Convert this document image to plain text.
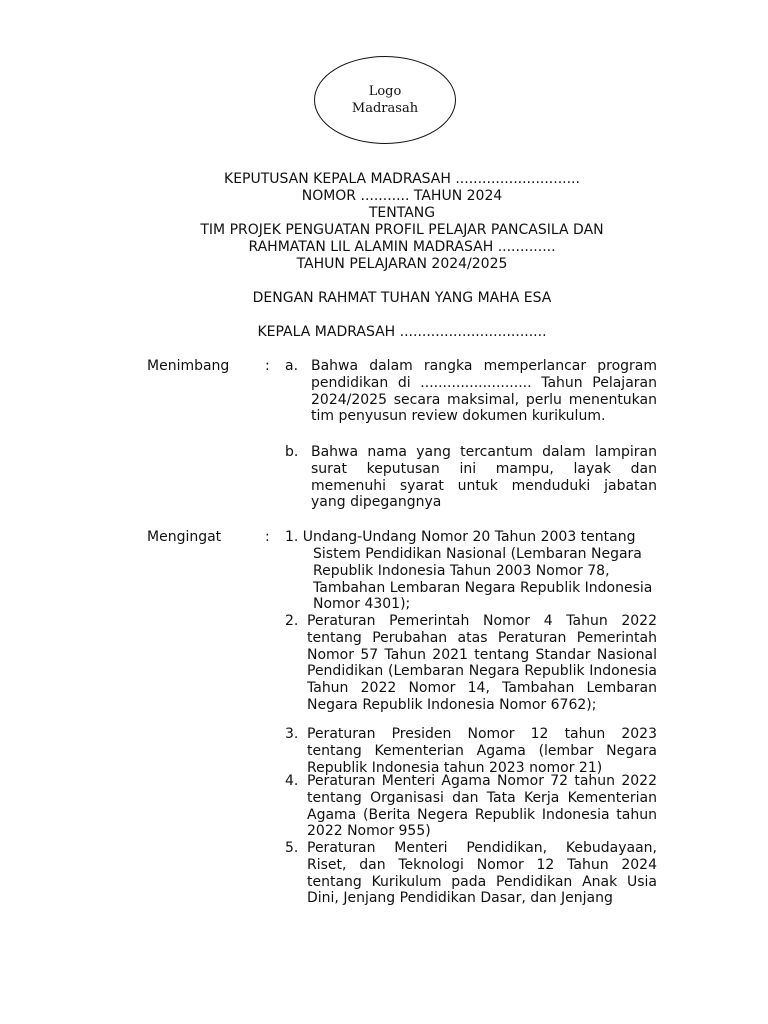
Logo
Madrasah
KEPUTUSAN KEPALA MADRASAH ............................
NOMOR ........... TAHUN 2024
TENTANG
TIM PROJEK PENGUATAN PROFIL PELAJAR PANCASILA DAN
RAHMATAN LIL ALAMIN MADRASAH .............
TAHUN PELAJARAN 2024/2025
DENGAN RAHMAT TUHAN YANG MAHA ESA
KEPALA MADRASAH .................................
Menimbang	: a. Bahwa dalam rangka memperlancar program pendidikan di ......................... Tahun Pelajaran 2024/2025 secara maksimal, perlu menentukan tim penyusun review dokumen kurikulum.
b. Bahwa nama yang tercantum dalam lampiran surat keputusan ini mampu, layak dan memenuhi syarat untuk menduduki jabatan yang dipegangnya
Mengingat	: 1. Undang-Undang Nomor 20 Tahun 2003 tentang
Sistem Pendidikan Nasional (Lembaran Negara Republik Indonesia Tahun 2003 Nomor 78, Tambahan Lembaran Negara Republik Indonesia Nomor 4301);
2. Peraturan Pemerintah Nomor 4 Tahun 2022 tentang Perubahan atas Peraturan Pemerintah Nomor 57 Tahun 2021 tentang Standar Nasional Pendidikan (Lembaran Negara Republik Indonesia Tahun 2022 Nomor 14, Tambahan Lembaran Negara Republik Indonesia Nomor 6762);
3. Peraturan Presiden Nomor 12 tahun 2023 tentang Kementerian Agama (lembar Negara Republik Indonesia tahun 2023 nomor 21)
4. Peraturan Menteri Agama Nomor 72 tahun 2022 tentang Organisasi dan Tata Kerja Kementerian Agama (Berita Negera Republik Indonesia tahun 2022 Nomor 955)
5. Peraturan Menteri Pendidikan, Kebudayaan, Riset, dan Teknologi Nomor 12 Tahun 2024 tentang Kurikulum pada Pendidikan Anak Usia Dini, Jenjang Pendidikan Dasar, dan Jenjang
